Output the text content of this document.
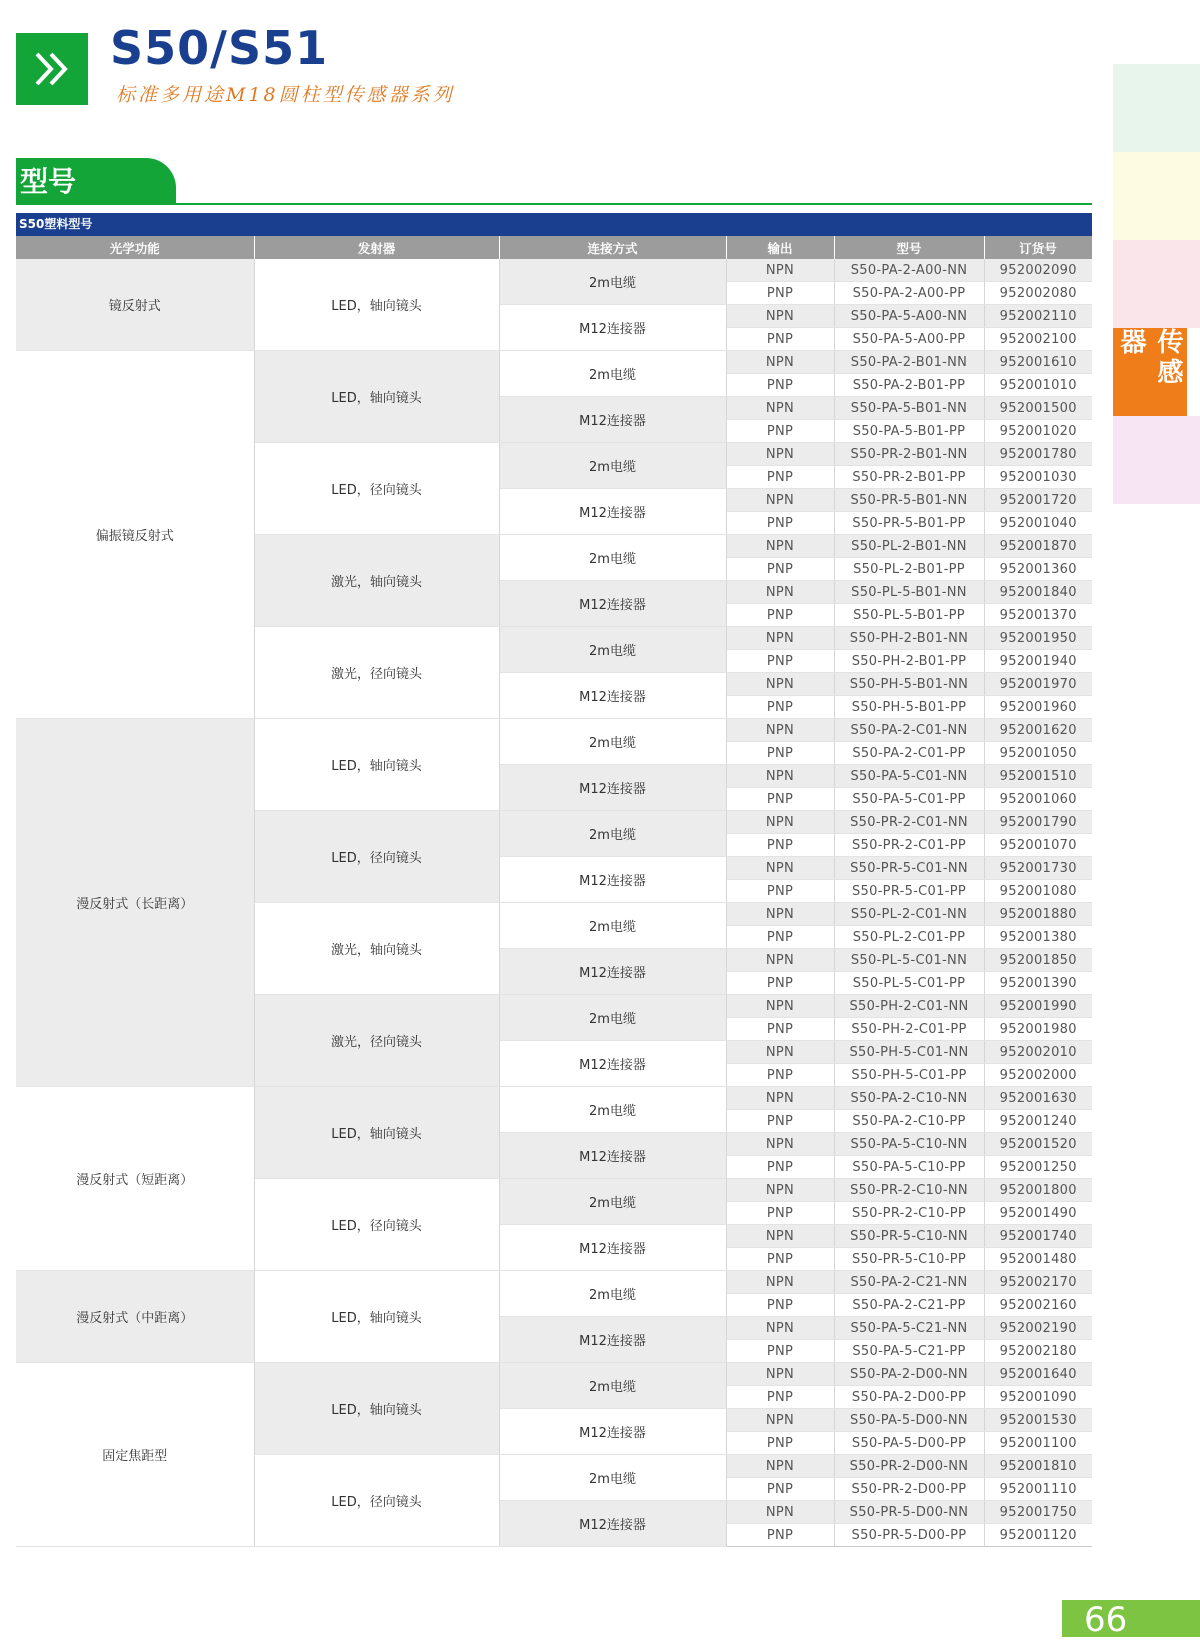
S50/S51
标准多用途M18圆柱型传感器系列
型号
传感器
S50塑料型号
光学功能	发射器	连接方式	输出	型号	订货号
镜反射式	LED，轴向镜头	2m电缆	NPN	S50-PA-2-A00-NN	952002090
			PNP	S50-PA-2-A00-PP	952002080
		M12连接器	NPN	S50-PA-5-A00-NN	952002110
			PNP	S50-PA-5-A00-PP	952002100
偏振镜反射式	LED，轴向镜头	2m电缆	NPN	S50-PA-2-B01-NN	952001610
			PNP	S50-PA-2-B01-PP	952001010
		M12连接器	NPN	S50-PA-5-B01-NN	952001500
			PNP	S50-PA-5-B01-PP	952001020
	LED，径向镜头	2m电缆	NPN	S50-PR-2-B01-NN	952001780
			PNP	S50-PR-2-B01-PP	952001030
		M12连接器	NPN	S50-PR-5-B01-NN	952001720
			PNP	S50-PR-5-B01-PP	952001040
	激光，轴向镜头	2m电缆	NPN	S50-PL-2-B01-NN	952001870
			PNP	S50-PL-2-B01-PP	952001360
		M12连接器	NPN	S50-PL-5-B01-NN	952001840
			PNP	S50-PL-5-B01-PP	952001370
	激光，径向镜头	2m电缆	NPN	S50-PH-2-B01-NN	952001950
			PNP	S50-PH-2-B01-PP	952001940
		M12连接器	NPN	S50-PH-5-B01-NN	952001970
			PNP	S50-PH-5-B01-PP	952001960
漫反射式（长距离）	LED，轴向镜头	2m电缆	NPN	S50-PA-2-C01-NN	952001620
			PNP	S50-PA-2-C01-PP	952001050
		M12连接器	NPN	S50-PA-5-C01-NN	952001510
			PNP	S50-PA-5-C01-PP	952001060
	LED，径向镜头	2m电缆	NPN	S50-PR-2-C01-NN	952001790
			PNP	S50-PR-2-C01-PP	952001070
		M12连接器	NPN	S50-PR-5-C01-NN	952001730
			PNP	S50-PR-5-C01-PP	952001080
	激光，轴向镜头	2m电缆	NPN	S50-PL-2-C01-NN	952001880
			PNP	S50-PL-2-C01-PP	952001380
		M12连接器	NPN	S50-PL-5-C01-NN	952001850
			PNP	S50-PL-5-C01-PP	952001390
	激光，径向镜头	2m电缆	NPN	S50-PH-2-C01-NN	952001990
			PNP	S50-PH-2-C01-PP	952001980
		M12连接器	NPN	S50-PH-5-C01-NN	952002010
			PNP	S50-PH-5-C01-PP	952002000
漫反射式（短距离）	LED，轴向镜头	2m电缆	NPN	S50-PA-2-C10-NN	952001630
			PNP	S50-PA-2-C10-PP	952001240
		M12连接器	NPN	S50-PA-5-C10-NN	952001520
			PNP	S50-PA-5-C10-PP	952001250
	LED，径向镜头	2m电缆	NPN	S50-PR-2-C10-NN	952001800
			PNP	S50-PR-2-C10-PP	952001490
		M12连接器	NPN	S50-PR-5-C10-NN	952001740
			PNP	S50-PR-5-C10-PP	952001480
漫反射式（中距离）	LED，轴向镜头	2m电缆	NPN	S50-PA-2-C21-NN	952002170
			PNP	S50-PA-2-C21-PP	952002160
		M12连接器	NPN	S50-PA-5-C21-NN	952002190
			PNP	S50-PA-5-C21-PP	952002180
固定焦距型	LED，轴向镜头	2m电缆	NPN	S50-PA-2-D00-NN	952001640
			PNP	S50-PA-2-D00-PP	952001090
		M12连接器	NPN	S50-PA-5-D00-NN	952001530
			PNP	S50-PA-5-D00-PP	952001100
	LED，径向镜头	2m电缆	NPN	S50-PR-2-D00-NN	952001810
			PNP	S50-PR-2-D00-PP	952001110
		M12连接器	NPN	S50-PR-5-D00-NN	952001750
			PNP	S50-PR-5-D00-PP	952001120
66
